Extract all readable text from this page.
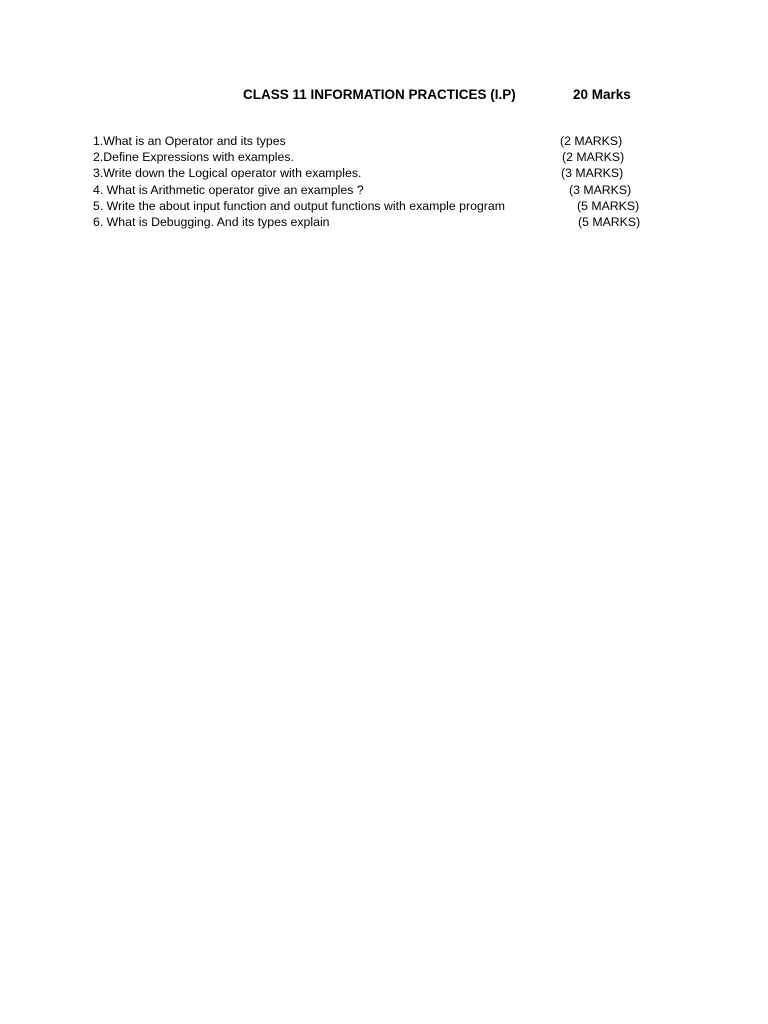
CLASS 11 INFORMATION PRACTICES (I.P)	20 Marks
1.What is an Operator and its types	(2 MARKS)
2.Define Expressions with examples.	(2 MARKS)
3.Write down the Logical operator with examples.	(3 MARKS)
4. What is Arithmetic operator give an examples ?	(3 MARKS)
5. Write the about input function and output functions with example program	(5 MARKS)
6. What is Debugging. And its types explain	(5 MARKS)
